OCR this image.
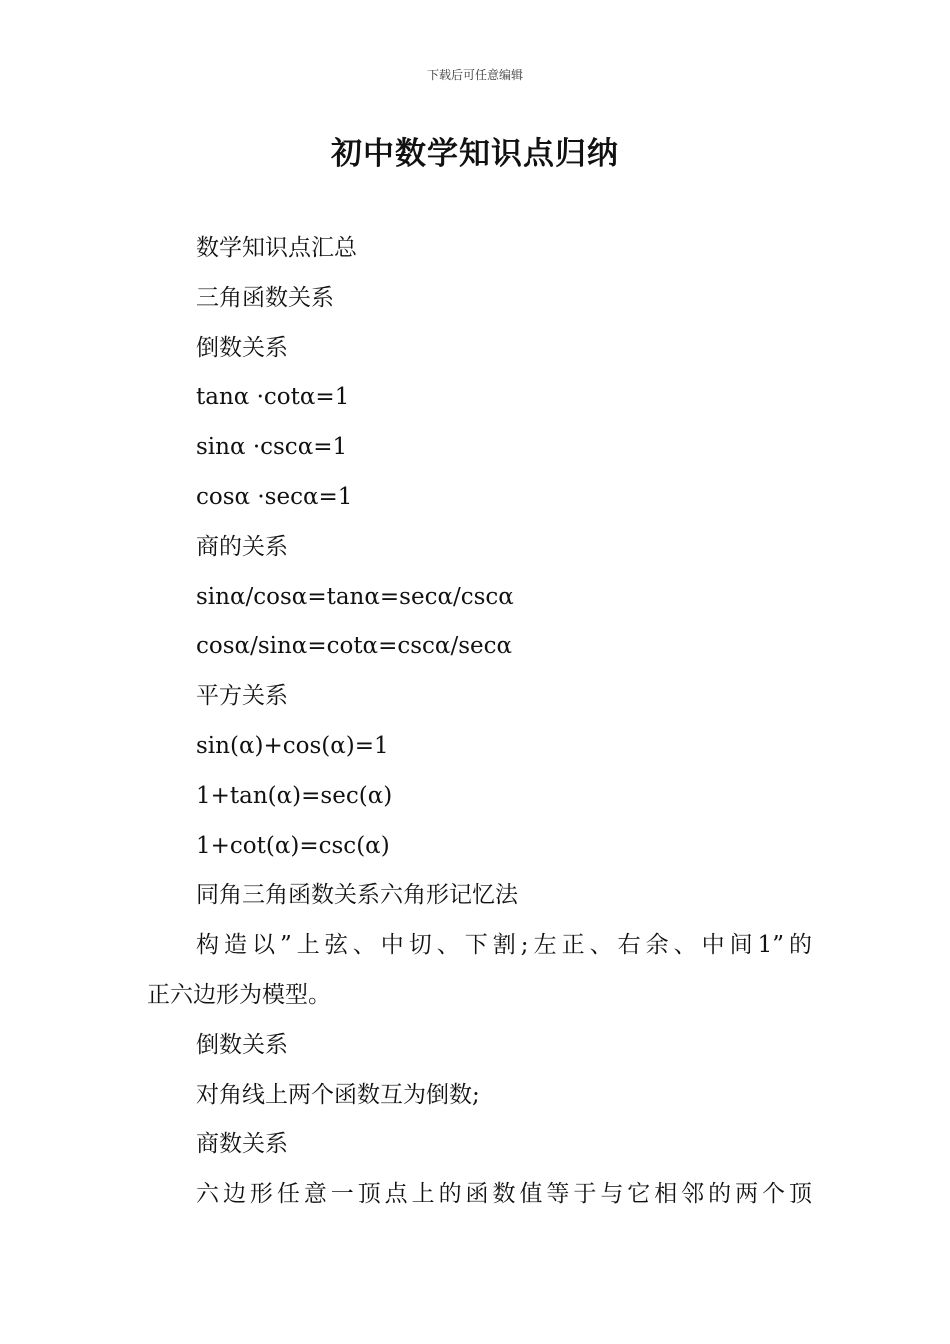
下载后可任意编辑
初中数学知识点归纳
数学知识点汇总
三角函数关系
倒数关系
tanα ·cotα=1
sinα ·cscα=1
cosα ·secα=1
商的关系
sinα/cosα=tanα=secα/cscα
cosα/sinα=cotα=cscα/secα
平方关系
sin(α)+cos(α)=1
1+tan(α)=sec(α)
1+cot(α)=csc(α)
同角三角函数关系六角形记忆法
构造以”上弦、中切、下割;左正、右余、中间1”的
正六边形为模型。
倒数关系
对角线上两个函数互为倒数;
商数关系
六边形任意一顶点上的函数值等于与它相邻的两个顶
